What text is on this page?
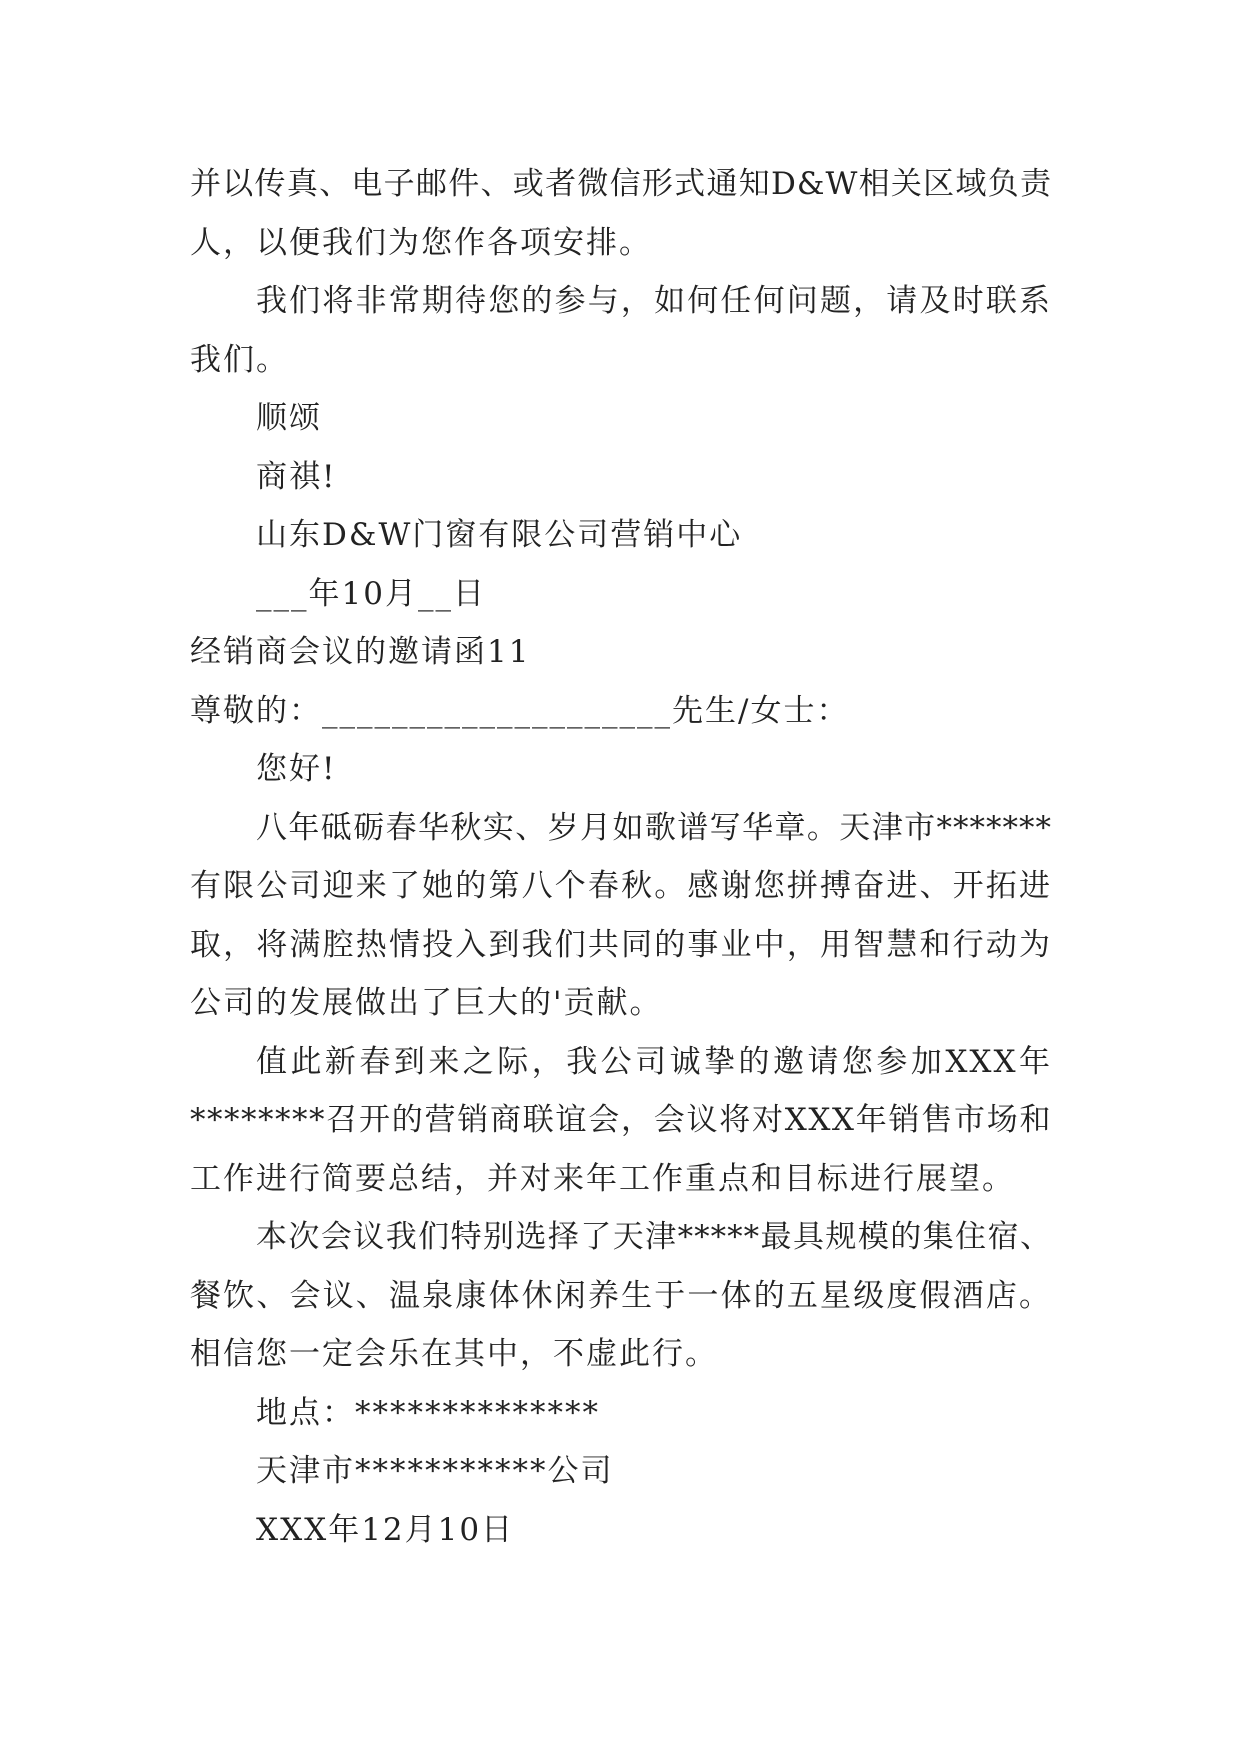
并以传真、电子邮件、或者微信形式通知D&W相关区域负责
人，以便我们为您作各项安排。
我们将非常期待您的参与，如何任何问题，请及时联系
我们。
顺颂
商祺!
山东D&W门窗有限公司营销中心
___年10月__日
经销商会议的邀请函11
尊敬的：____________________先生/女士：
您好!
八年砥砺春华秋实、岁月如歌谱写华章。天津市*******
有限公司迎来了她的第八个春秋。感谢您拼搏奋进、开拓进
取，将满腔热情投入到我们共同的事业中，用智慧和行动为
公司的发展做出了巨大的'贡献。
值此新春到来之际，我公司诚挚的邀请您参加XXX年
********召开的营销商联谊会，会议将对XXX年销售市场和
工作进行简要总结，并对来年工作重点和目标进行展望。
本次会议我们特别选择了天津*****最具规模的集住宿、
餐饮、会议、温泉康体休闲养生于一体的五星级度假酒店。
相信您一定会乐在其中，不虚此行。
地点：**************
天津市***********公司
XXX年12月10日
